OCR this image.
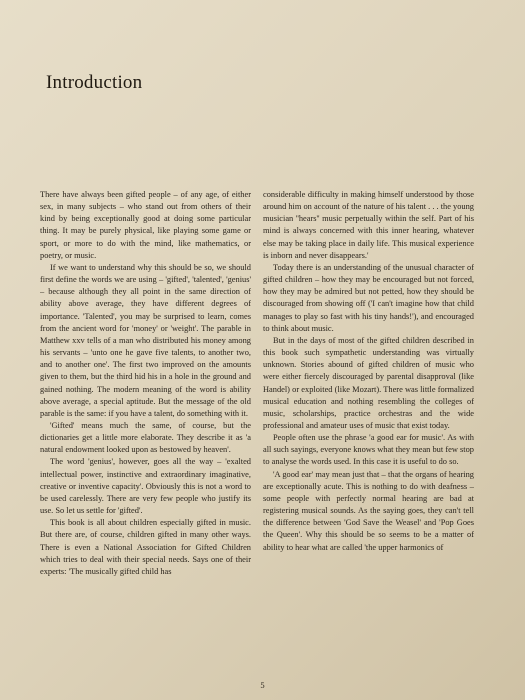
Introduction

There have always been gifted people – of any age, of either sex, in many subjects – who stand out from others of their kind by being exceptionally good at doing some particular thing. It may be purely physical, like playing some game or sport, or more to do with the mind, like mathematics, or poetry, or music.

If we want to understand why this should be so, we should first define the words we are using – 'gifted', 'talented', 'genius' – because although they all point in the same direction of ability above average, they have different degrees of importance. 'Talented', you may be surprised to learn, comes from the ancient word for 'money' or 'weight'. The parable in Matthew xxv tells of a man who distributed his money among his servants – 'unto one he gave five talents, to another two, and to another one'. The first two improved on the amounts given to them, but the third hid his in a hole in the ground and gained nothing. The modern meaning of the word is ability above average, a special aptitude. But the message of the old parable is the same: if you have a talent, do something with it.

'Gifted' means much the same, of course, but the dictionaries get a little more elaborate. They describe it as 'a natural endowment looked upon as bestowed by heaven'.

The word 'genius', however, goes all the way – 'exalted intellectual power, instinctive and extraordinary imaginative, creative or inventive capacity'. Obviously this is not a word to be used carelessly. There are very few people who justify its use. So let us settle for 'gifted'.

This book is all about children especially gifted in music. But there are, of course, children gifted in many other ways. There is even a National Association for Gifted Children which tries to deal with their special needs. Says one of their experts: 'The musically gifted child has

considerable difficulty in making himself understood by those around him on account of the nature of his talent . . . the young musician ''hears'' music perpetually within the self. Part of his mind is always concerned with this inner hearing, whatever else may be taking place in daily life. This musical experience is inborn and never disappears.'

Today there is an understanding of the unusual character of gifted children – how they may be encouraged but not forced, how they may be admired but not petted, how they should be discouraged from showing off ('I can't imagine how that child manages to play so fast with his tiny hands!'), and encouraged to think about music.

But in the days of most of the gifted children described in this book such sympathetic understanding was virtually unknown. Stories abound of gifted children of music who were either fiercely discouraged by parental disapproval (like Handel) or exploited (like Mozart). There was little formalized musical education and nothing resembling the colleges of music, scholarships, practice orchestras and the wide professional and amateur uses of music that exist today.

People often use the phrase 'a good ear for music'. As with all such sayings, everyone knows what they mean but few stop to analyse the words used. In this case it is useful to do so.

'A good ear' may mean just that – that the organs of hearing are exceptionally acute. This is nothing to do with deafness – some people with perfectly normal hearing are bad at registering musical sounds. As the saying goes, they can't tell the difference between 'God Save the Weasel' and 'Pop Goes the Queen'. Why this should be so seems to be a matter of ability to hear what are called 'the upper harmonics of

5
